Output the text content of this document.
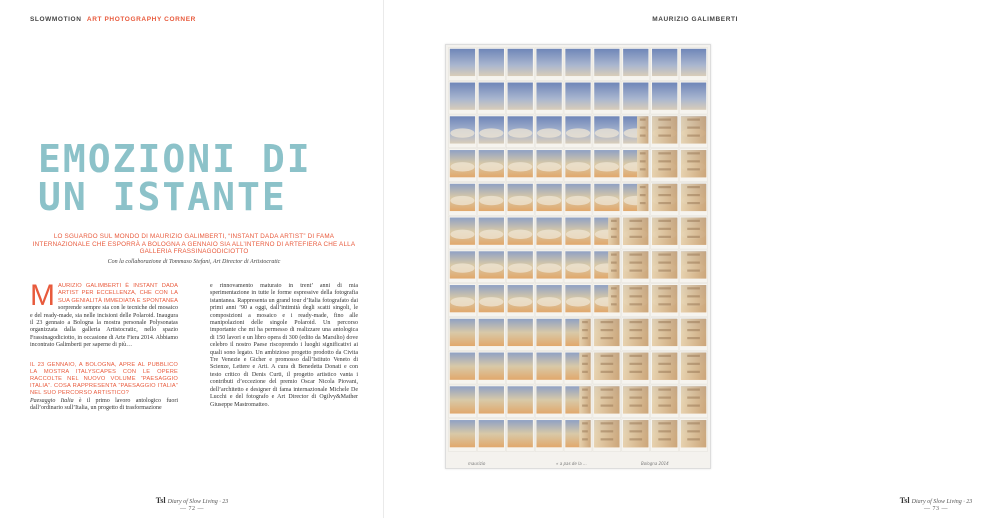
SLOWMOTION ART PHOTOGRAPHY CORNER
EMOZIONI DI
UN ISTANTE

LO SGUARDO SUL MONDO DI MAURIZIO GALIMBERTI, “INSTANT DADA ARTIST” DI FAMA INTERNAZIONALE CHE ESPORRÀ A BOLOGNA A GENNAIO SIA ALL’INTERNO DI ARTEFIERA CHE ALLA GALLERIA FRASSINAGODICIOTTO

Con la collaborazione di Tommaso Stefani, Art Director di Artistocratic

MAURIZIO GALIMBERTI È INSTANT DADA ARTIST PER ECCELLENZA, CHE CON LA SUA GENIALITÀ IMMEDIATA E SPONTANEA sorprende sempre sia con le tecniche del mosaico e del ready-made, sia nelle incisioni delle Polaroid. Inaugura il 23 gennaio a Bologna la mostra personale Polysonatas organizzata dalla galleria Artistocratic, nello spazio Frassinagodiciotto, in occasione di Arte Fiera 2014. Abbiamo incontrato Galimberti per saperne di più…

IL 23 GENNAIO, A BOLOGNA, APRE AL PUBBLICO LA MOSTRA ITALYSCAPES CON LE OPERE RACCOLTE NEL NUOVO VOLUME “PAESAGGIO ITALIA”. COSA RAPPRESENTA “PAESAGGIO ITALIA” NEL SUO PERCORSO ARTISTICO?
Paesaggio Italia è il primo lavoro antologico fuori dall’ordinario sull’Italia, un progetto di trasformazione

e rinnovamento maturato in trent’ anni di mia sperimentazione in tutte le forme espressive della fotografia istantanea. Rappresenta un grand tour d’Italia fotografato dai primi anni ’90 a oggi, dall’intimità degli scatti singoli, le composizioni a mosaico e i ready-made, fino alle manipolazioni delle singole Polaroid. Un percorso importante che mi ha permesso di realizzare una antologica di 150 lavori e un libro opera di 300 (edito da Marsilio) dove celebro il nostro Paese riscoprendo i luoghi significativi ai quali sono legato. Un ambizioso progetto prodotto da Civita Tre Venezie e Gicher e promosso dall’Istituto Veneto di Scienze, Lettere e Arti. A cura di Benedetta Donati e con testo critico di Denis Curti, il progetto artistico vanta i contributi d’eccezione del premio Oscar Nicola Piovani, dell’architetto e designer di fama internazionale Michele De Lucchi e del fotografo e Art Director di Ogilvy&Mather Giuseppe Mastromatteo.

Tsl Diary of Slow Living · 23
— 72 —
MAURIZIO GALIMBERTI
Tsl Diary of Slow Living · 23
— 73 —
maurizio	« a pas de la …	Bologna 2014
